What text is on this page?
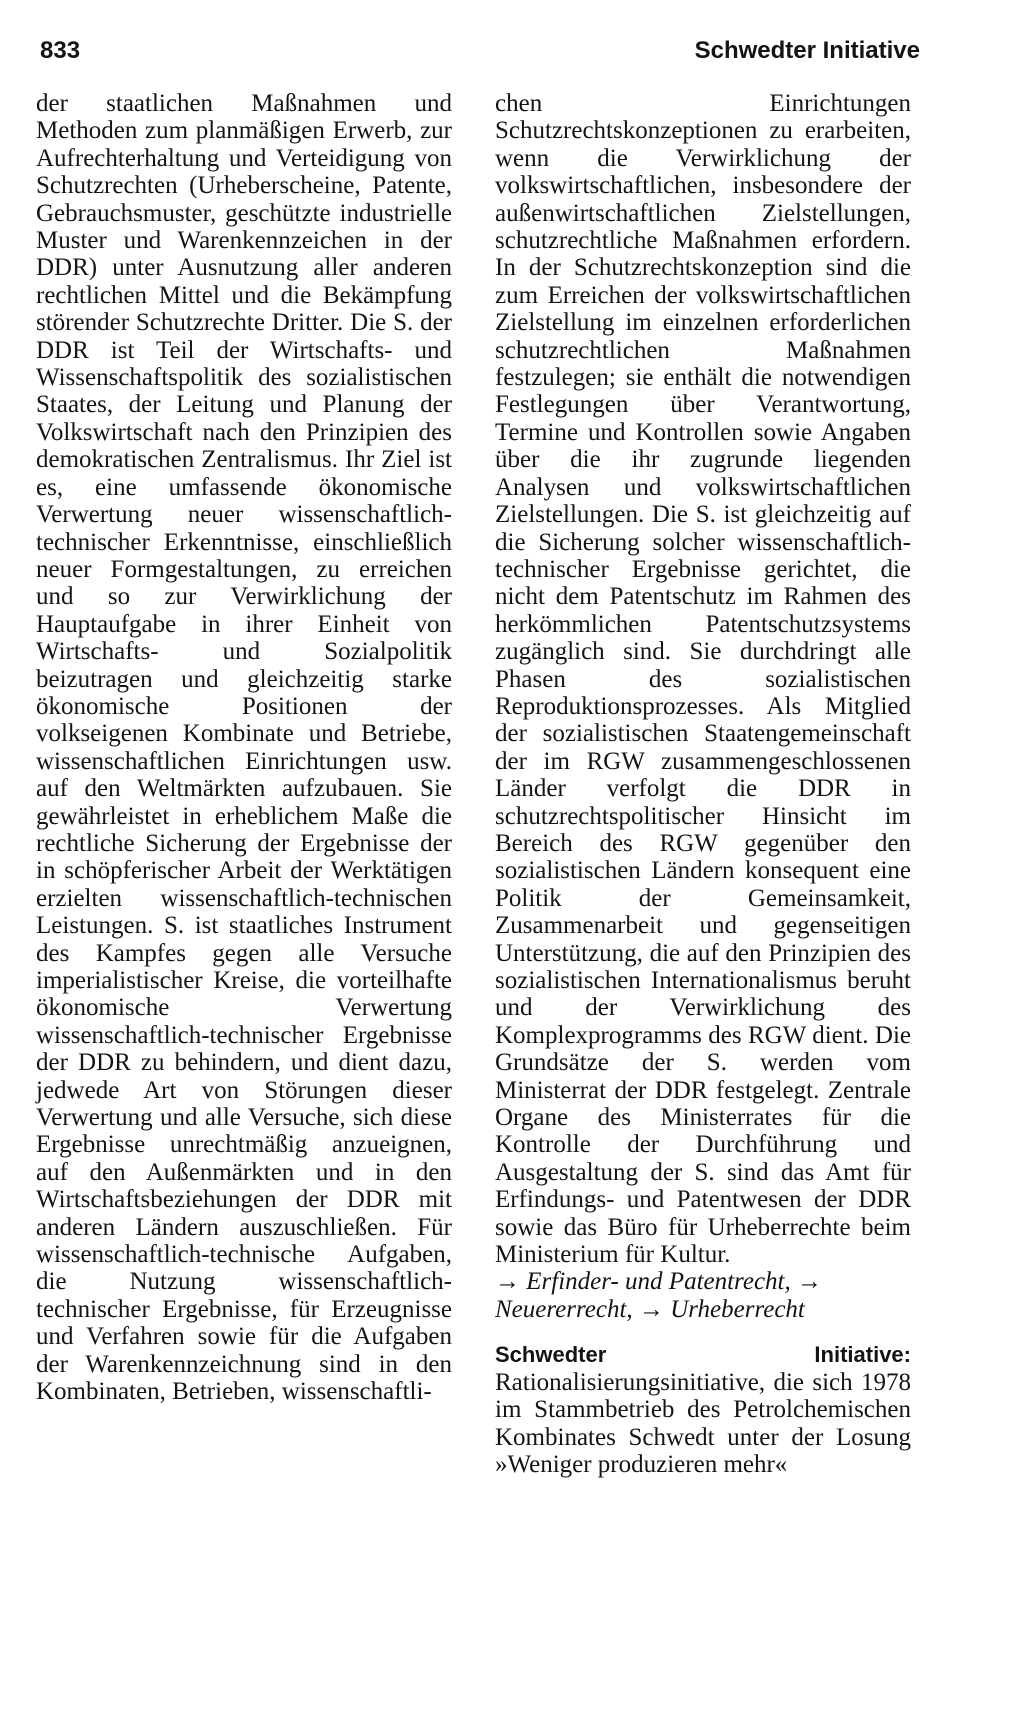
833	Schwedter Initiative

der staatlichen Maßnahmen und Methoden zum planmäßigen Erwerb, zur Aufrechterhaltung und Verteidigung von Schutzrechten (Urheberscheine, Patente, Gebrauchsmuster, geschützte industrielle Muster und Warenkennzeichen in der DDR) unter Ausnutzung aller anderen rechtlichen Mittel und die Bekämpfung störender Schutzrechte Dritter. Die S. der DDR ist Teil der Wirtschafts- und Wissenschaftspolitik des sozialistischen Staates, der Leitung und Planung der Volkswirtschaft nach den Prinzipien des demokratischen Zentralismus. Ihr Ziel ist es, eine umfassende ökonomische Verwertung neuer wissenschaftlich-technischer Erkenntnisse, einschließlich neuer Formgestaltungen, zu erreichen und so zur Verwirklichung der Hauptaufgabe in ihrer Einheit von Wirtschafts- und Sozialpolitik beizutragen und gleichzeitig starke ökonomische Positionen der volkseigenen Kombinate und Betriebe, wissenschaftlichen Einrichtungen usw. auf den Weltmärkten aufzubauen. Sie gewährleistet in erheblichem Maße die rechtliche Sicherung der Ergebnisse der in schöpferischer Arbeit der Werktätigen erzielten wissenschaftlich-technischen Leistungen. S. ist staatliches Instrument des Kampfes gegen alle Versuche imperialistischer Kreise, die vorteilhafte ökonomische Verwertung wissenschaftlich-technischer Ergebnisse der DDR zu behindern, und dient dazu, jedwede Art von Störungen dieser Verwertung und alle Versuche, sich diese Ergebnisse unrechtmäßig anzueignen, auf den Außenmärkten und in den Wirtschaftsbeziehungen der DDR mit anderen Ländern auszuschließen. Für wissenschaftlich-technische Aufgaben, die Nutzung wissenschaftlich-technischer Ergebnisse, für Erzeugnisse und Verfahren sowie für die Aufgaben der Warenkennzeichnung sind in den Kombinaten, Betrieben, wissenschaftli-

chen Einrichtungen Schutzrechtskonzeptionen zu erarbeiten, wenn die Verwirklichung der volkswirtschaftlichen, insbesondere der außenwirtschaftlichen Zielstellungen, schutzrechtliche Maßnahmen erfordern. In der Schutzrechtskonzeption sind die zum Erreichen der volkswirtschaftlichen Zielstellung im einzelnen erforderlichen schutzrechtlichen Maßnahmen festzulegen; sie enthält die notwendigen Festlegungen über Verantwortung, Termine und Kontrollen sowie Angaben über die ihr zugrunde liegenden Analysen und volkswirtschaftlichen Zielstellungen. Die S. ist gleichzeitig auf die Sicherung solcher wissenschaftlich-technischer Ergebnisse gerichtet, die nicht dem Patentschutz im Rahmen des herkömmlichen Patentschutzsystems zugänglich sind. Sie durchdringt alle Phasen des sozialistischen Reproduktionsprozesses. Als Mitglied der sozialistischen Staatengemeinschaft der im RGW zusammengeschlossenen Länder verfolgt die DDR in schutzrechtspolitischer Hinsicht im Bereich des RGW gegenüber den sozialistischen Ländern konsequent eine Politik der Gemeinsamkeit, Zusammenarbeit und gegenseitigen Unterstützung, die auf den Prinzipien des sozialistischen Internationalismus beruht und der Verwirklichung des Komplexprogramms des RGW dient. Die Grundsätze der S. werden vom Ministerrat der DDR festgelegt. Zentrale Organe des Ministerrates für die Kontrolle der Durchführung und Ausgestaltung der S. sind das Amt für Erfindungs- und Patentwesen der DDR sowie das Büro für Urheberrechte beim Ministerium für Kultur.

→ Erfinder- und Patentrecht, → Neuererrecht, → Urheberrecht

Schwedter Initiative: Rationalisierungsinitiative, die sich 1978 im Stammbetrieb des Petrolchemischen Kombinates Schwedt unter der Losung »Weniger produzieren mehr«
